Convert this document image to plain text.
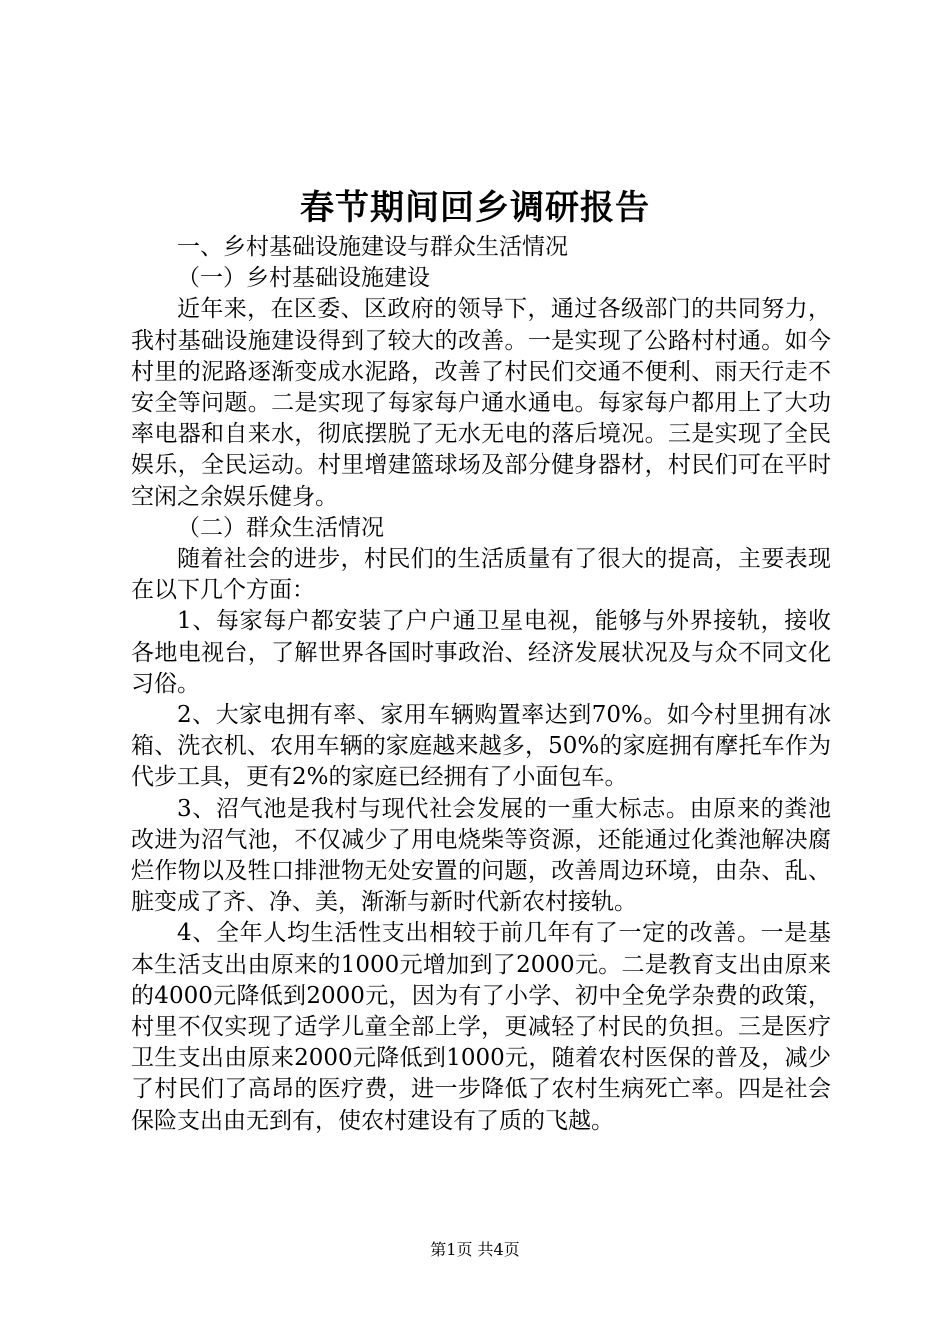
春节期间回乡调研报告

一、乡村基础设施建设与群众生活情况

（一）乡村基础设施建设

近年来，在区委、区政府的领导下，通过各级部门的共同努力，我村基础设施建设得到了较大的改善。一是实现了公路村村通。如今村里的泥路逐渐变成水泥路，改善了村民们交通不便利、雨天行走不安全等问题。二是实现了每家每户通水通电。每家每户都用上了大功率电器和自来水，彻底摆脱了无水无电的落后境况。三是实现了全民娱乐，全民运动。村里增建篮球场及部分健身器材，村民们可在平时空闲之余娱乐健身。

（二）群众生活情况

随着社会的进步，村民们的生活质量有了很大的提高，主要表现在以下几个方面：

1、每家每户都安装了户户通卫星电视，能够与外界接轨，接收各地电视台，了解世界各国时事政治、经济发展状况及与众不同文化习俗。

2、大家电拥有率、家用车辆购置率达到70%。如今村里拥有冰箱、洗衣机、农用车辆的家庭越来越多，50%的家庭拥有摩托车作为代步工具，更有2%的家庭已经拥有了小面包车。

3、沼气池是我村与现代社会发展的一重大标志。由原来的粪池改进为沼气池，不仅减少了用电烧柴等资源，还能通过化粪池解决腐烂作物以及牲口排泄物无处安置的问题，改善周边环境，由杂、乱、脏变成了齐、净、美，渐渐与新时代新农村接轨。

4、全年人均生活性支出相较于前几年有了一定的改善。一是基本生活支出由原来的1000元增加到了2000元。二是教育支出由原来的4000元降低到2000元，因为有了小学、初中全免学杂费的政策，村里不仅实现了适学儿童全部上学，更减轻了村民的负担。三是医疗卫生支出由原来2000元降低到1000元，随着农村医保的普及，减少了村民们了高昂的医疗费，进一步降低了农村生病死亡率。四是社会保险支出由无到有，使农村建设有了质的飞越。

第1页 共4页
